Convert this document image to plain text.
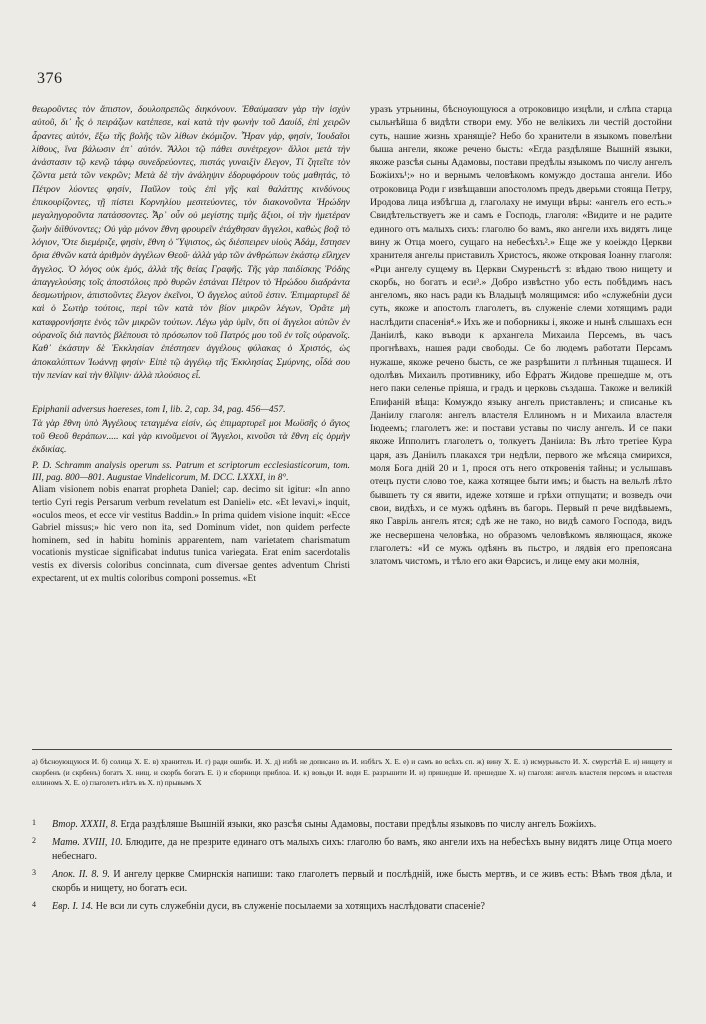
376

θεωροῦντες τὸν ἄπιστον, δουλοπρεπῶς διηκόνουν. Ἐθαύμασαν γὰρ τὴν ἰσχὺν αὐτοῦ, δι᾽ ἧς ὁ πειράζων κατέπεσε, καὶ κατὰ τὴν φωνὴν τοῦ Δαυίδ, ἐπὶ χειρῶν ἆραντες αὐτόν, ἔξω τῆς βολῆς τῶν λίθων ἐκόμιζον. Ἦραν γάρ, φησίν, Ἰουδαῖοι λίθους, ἵνα βάλωσιν ἐπ᾽ αὐτόν. Ἄλλοι τῷ πάθει συνέτρεχον· ἄλλοι μετὰ τὴν ἀνάστασιν τῷ κενῷ τάφῳ συνεδρεύοντες, πιστάς γυναιξὶν ἔλεγον, Τί ζητεῖτε τὸν ζῶντα μετὰ τῶν νεκρῶν; Μετὰ δὲ τὴν ἀνάληψιν ἐδορυφόρουν τοὺς μαθητάς, τὸ Πέτρον λύοντες φησίν, Παῦλον τοὺς ἐπὶ γῆς καὶ θαλάττης κινδύνους ἐπικουρίζοντες, τῇ πίστει Κορνηλίου μεσιτεύοντες, τὸν διακονοῦντα Ἡρώδην μεγαληγοροῦντα πατάσσοντες. Ἆρ᾽ οὖν οὐ μεγίστης τιμῆς ἄξιοι, οἱ τὴν ἡμετέραν ζωὴν διϊθύνοντες; Οὐ γὰρ μόνον ἔθνη φρουρεῖν ἐτάχθησαν ἄγγελοι, καθὼς βοᾷ τὸ λόγιον, Ὅτε διεμέριζε, φησίν, ἔθνη ὁ Ὕψιστος, ὡς διέσπειρεν υἱοὺς Ἀδάμ, ἔστησεν ὅρια ἐθνῶν κατὰ ἀριθμὸν ἀγγέλων Θεοῦ· ἀλλὰ γὰρ τῶν ἀνθρώπων ἑκάστῳ εἴληχεν ἄγγελος. Ὁ λόγος οὐκ ἐμός, ἀλλὰ τῆς θείας Γραφῆς. Τῆς γὰρ παιδίσκης Ῥόδης ἀπαγγελούσης τοῖς ἀποστόλοις πρὸ θυρῶν ἑστάναι Πέτρον τὸ Ἡρώδου διαδράντα δεσμωτήριον, ἀπιστοῦντες ἔλεγον ἐκεῖνοι, Ὁ ἄγγελος αὐτοῦ ἐστιν. Ἐπιμαρτυρεῖ δὲ καὶ ὁ Σωτὴρ τούτοις, περὶ τῶν κατὰ τὸν βίον μικρῶν λέγων, Ὁρᾶτε μὴ καταφρονήσητε ἑνὸς τῶν μικρῶν τούτων. Λέγω γὰρ ὑμῖν, ὅτι οἱ ἄγγελοι αὐτῶν ἐν οὐρανοῖς διὰ παντὸς βλέπουσι τὸ πρόσωπον τοῦ Πατρός μου τοῦ ἐν τοῖς οὐρανοῖς. Καθ᾽ ἑκάστην δὲ Ἐκκλησίαν ἐπέστησεν ἀγγέλους φύλακας ὁ Χριστός, ὡς ἀποκαλύπτων Ἰωάννῃ φησίν· Εἰπὲ τῷ ἀγγέλῳ τῆς Ἐκκλησίας Σμύρνης, οἶδά σου τὴν πενίαν καὶ τὴν θλῖψιν· ἀλλὰ πλούσιος εἶ.

Epiphanii adversus haereses, tom I, lib. 2, cap. 34, pag. 456—457.

Τὰ γὰρ ἔθνη ὑπὸ Ἀγγέλους τεταγμένα εἰσίν, ὡς ἐπιμαρτυρεῖ μοι Μωϋσῆς ὁ ἅγιος τοῦ Θεοῦ θεράπων..... καὶ γὰρ κινοῦμενοι οἱ Ἄγγελοι, κινοῦσι τὰ ἔθνη εἰς ὁρμὴν ἐκδικίας.

P. D. Schramm analysis operum ss. Patrum et scriptorum ecclesiasticorum, tom. III, pag. 800—801. Augustae Vindelicorum, M. DCC. LXXXI, in 8°.

Aliam visionem nobis enarrat propheta Daniel; cap. decimo sit igitur: «In anno tertio Cyri regis Persarum verbum revelatum est Danieli» etc. «Et levavi,» inquit, «oculos meos, et ecce vir vestitus Baddin.» In prima quidem visione inquit: «Ecce Gabriel missus;» hic vero non ita, sed Dominum videt, non quidem perfecte hominem, sed in habitu hominis apparentem, nam varietatem charismatum vocationis mysticae significabat indutus tunica variegata. Erat enim sacerdotalis vestis ex diversis coloribus concinnata, cum diversae gentes adventum Christi expectarent, ut ex multis coloribus componi possemus. «Et

уразъ утрьнины, бѣсноующуюся а отроковицю изцѣли, и слѣпа старца сыльнѣйша б видѣти створи ему. Убо не велікихъ ли честій достойни суть, нашие жизнь хранящіе? Небо бо хранители в языкомъ повелѣни быша ангели, якоже речено бысть: «Егда раздѣляше Вышній языки, якоже разсѣя сыны Адамовы, постави предѣлы языкомъ по числу ангелъ Божіихъ¹;» но и вернымъ человѣкомъ комуждо досташа ангели. Ибо отроковица Роди г извѣщавши апостоломъ предъ дверьми стояща Петру, Иродова лица избѣгша д, глаголаху не имущи вѣры: «ангелъ его есть.» Свидѣтельствуетъ же и самъ е Господь, глаголя: «Видите и не радите единого отъ малыхъ сихъ: глаголю бо вамъ, яко ангели ихъ видятъ лице вину ж Отца моего, сущаго на небесѣхъ².» Еще же у коеіждо Церкви хранителя ангелы приставилъ Христосъ, якоже откровая Іоанну глаголя: «Рци ангелу сущему въ Церкви Смуреньстѣ з: вѣдаю твою нищету и скорбь, но богатъ и еси³.» Добро извѣстно убо есть побѣдимъ насъ ангеломъ, яко насъ ради къ Владыцѣ молящимся: ибо «служебніи дуси суть, якоже и апостолъ глаголетъ, въ служеніе слеми хотящимъ ради наслѣдити спасенія⁴.» Ихъ же и поборникы і, якоже и нынѣ слышахъ есн Даніилѣ, како въводи к архангела Михаила Персемъ, въ часъ прогнѣвахъ, нашея ради свободы. Се бо людемъ работати Персамъ нужаше, якоже речено бысть, се же разрѣшити л плѣнныя тщашеся. И одолѣвъ Михаилъ противнику, ибо Ефратъ Жидове прешедше м, отъ него паки селенье пріяша, и градъ и церковь създаша. Такоже и великій Епифаній вѣща: Комуждо языку ангелъ приставленъ; и списанье къ Даніилу глаголя: ангелъ властеля Еллиномъ н и Михаила властеля Іюдеемъ; глаголетъ же: и постави уставы по числу ангелъ. И се паки якоже Ипполитъ глаголетъ о, толкуетъ Даніила: Въ лѣто третіее Кура царя, азъ Даніилъ плакахся три недѣли, первого же мѣсяца смирихся, моля Бога дній 20 и 1, прося отъ него откровенія тайны; и услышавъ отецъ пусти слово тое, кажа хотящее быти имъ; и бысть на вельлѣ лѣто бывшеть ту ся явити, идеже хотяше и грѣхи отпущати; и возведъ очи свои, видѣхъ, и се мужъ одѣянъ въ багорь. Первый п рече видѣвыемъ, яко Гавріль ангелъ ятся; сдѣ же не тако, но видѣ самого Господа, видъ же несвершена человѣка, но образомъ человѣкомъ являющася, якоже глаголетъ: «И се мужъ одѣянъ въ пьстро, и лядвія его препоясана златомъ чистомъ, и тѣло его аки Өарсисъ, и лице ему аки молнія,

а) бѣсноующуюся И. б) солица Х. Е. в) хранитель И. г) ради ошибк. И. Х. д) избѣ не дописано въ И. избѣгъ Х. Е. е) и самъ во всѣхъ сп. ж) вину Х. Е. з) исмурьньсто И. Х. смурстѣй Е. и) нищету и скорбенъ (и скрбенъ) богатъ Х. нищ. и скорбь богатъ Е. і) и сборници приблоа. И. к) вовьди И. води Е. разръшити И. и) пришедше И. прешедше Х. н) глаголя: ангелъ властеля персомъ и властеля еллиномъ Х. Е. о) глаголетъ нѣтъ въ Х. п) прывымъ Х
1	Втор. XXXII, 8. Егда раздѣляше Вышній языки, яко разсѣя сыны Адамовы, постави предѣлы языковъ по числу ангелъ Божіихъ.
2	Матө. XVIII, 10. Блюдите, да не презрите единаго отъ малыхъ сихъ: глаголю бо вамъ, яко ангели ихъ на небесѣхъ выну видятъ лице Отца моего небеснаго.
3	Апок. II. 8. 9. И ангелу церкве Смирнскія напиши: тако глаголетъ первый и послѣдній, иже бысть мертвъ, и се живъ есть: Вѣмъ твоя дѣла, и скорбь и нищету, но богатъ еси.
4	Евр. I. 14. Не вси ли суть служебніи дуси, въ служеніе посылаеми за хотящихъ наслѣдовати спасеніе?
